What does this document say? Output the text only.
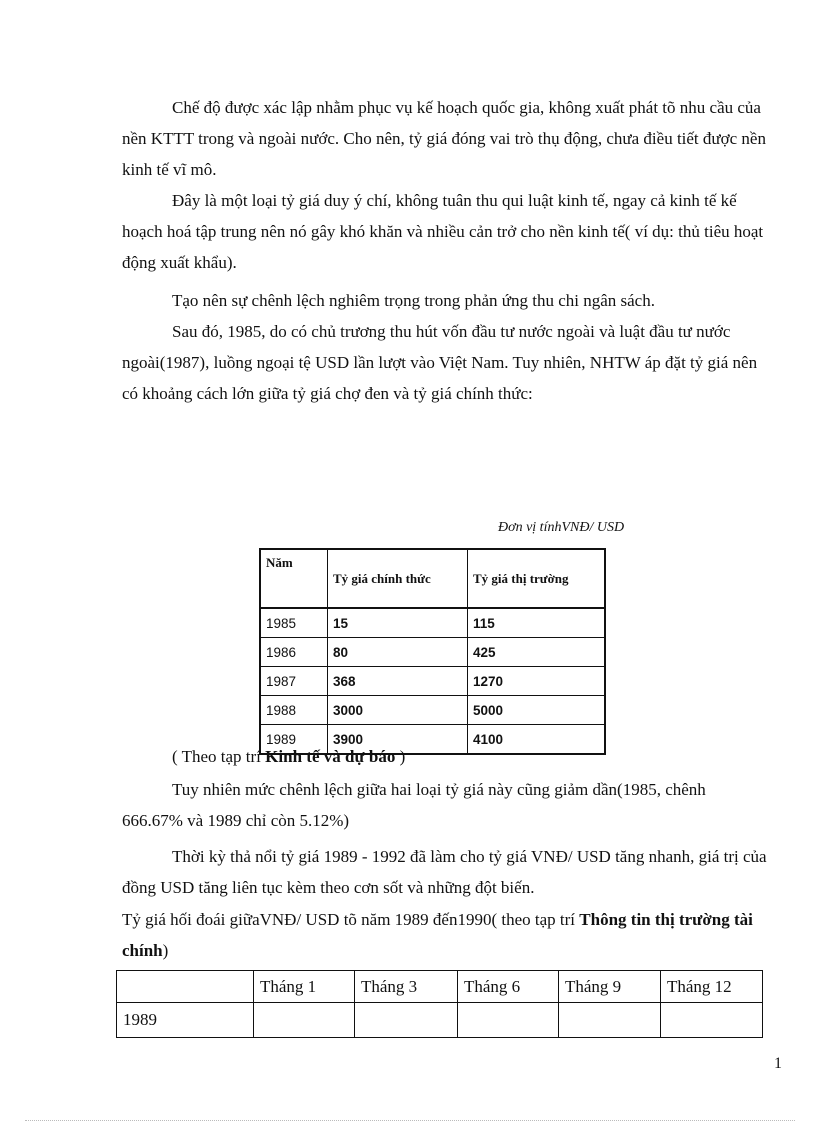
Chế độ được xác lập nhằm phục vụ kế hoạch quốc gia, không xuất phát tõ nhu cầu của nền KTTT trong và ngoài nước. Cho nên, tỷ giá đóng vai trò thụ động, chưa điều tiết được nền kinh tế vĩ mô.

Đây là một loại tỷ giá duy ý chí, không tuân thu qui luật kinh tế, ngay cả kinh tế kế hoạch hoá tập trung nên nó gây khó khăn và nhiều cản trở cho nền kinh tế( ví dụ: thủ tiêu hoạt động xuất khẩu).

Tạo nên sự chênh lệch nghiêm trọng trong phản ứng thu chi ngân sách.

Sau đó, 1985, do có chủ trương thu hút vốn đầu tư nước ngoài và luật đầu tư nước ngoài(1987), luồng ngoại tệ USD lần lượt vào Việt Nam. Tuy nhiên, NHTW áp đặt tỷ giá nên có khoảng cách lớn giữa tỷ giá chợ đen và tỷ giá chính thức:

Đơn vị tínhVNĐ/ USD

Năm	Tỷ giá chính thức	Tỷ giá thị trường
1985	15	115
1986	80	425
1987	368	1270
1988	3000	5000
1989	3900	4100

( Theo tạp trí Kinh tế và dự báo )

Tuy nhiên mức chênh lệch giữa hai loại tỷ giá này cũng giảm dần(1985, chênh 666.67% và 1989 chỉ còn 5.12%)

Thời kỳ thả nổi tỷ giá 1989 - 1992 đã làm cho tỷ giá VNĐ/ USD tăng nhanh, giá trị của đồng USD tăng liên tục kèm theo cơn sốt và những đột biến.

Tỷ giá hối đoái giữaVNĐ/ USD tõ năm 1989 đến1990( theo tạp trí Thông tin thị trường tài chính)

	Tháng 1	Tháng 3	Tháng 6	Tháng 9	Tháng 12
1989					

1
